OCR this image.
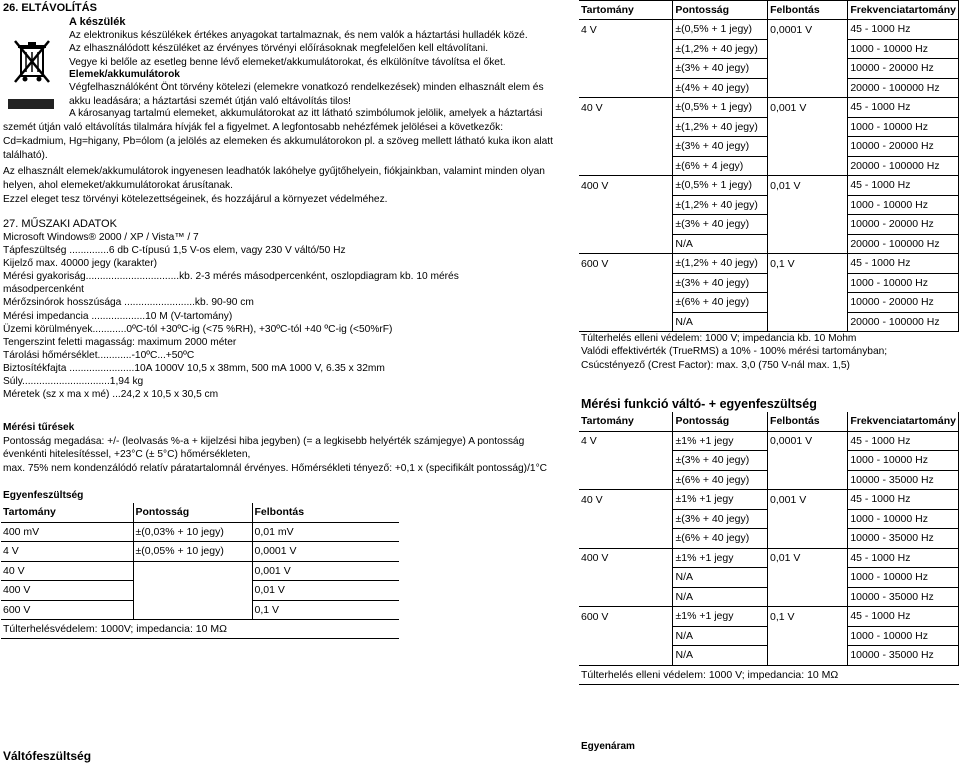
26. ELTÁVOLÍTÁS
A készülék
Az elektronikus készülékek értékes anyagokat tartalmaznak, és nem valók a háztartási hulladék közé.
Az elhasználódott készüléket az érvényes törvényi előírásoknak megfelelően kell eltávolítani.
Vegye ki belőle az esetleg benne lévő elemeket/akkumulátorokat, és elkülönítve távolítsa el őket.
Elemek/akkumulátorok
Végfelhasználóként Önt törvény kötelezi (elemekre vonatkozó rendelkezések) minden elhasznált elem és
akku leadására; a háztartási szemét útján való eltávolítás tilos!
A károsanyag tartalmú elemeket, akkumulátorokat az itt látható szimbólumok jelölik, amelyek a háztartási
szemét útján való eltávolítás tilalmára hívják fel a figyelmet. A legfontosabb nehézfémek jelölései a következők:
Cd=kadmium, Hg=higany, Pb=ólom (a jelölés az elemeken és akkumulátorokon pl. a szöveg mellett látható kuka ikon alatt
található).
Az elhasznált elemek/akkumulátorok ingyenesen leadhatók lakóhelye gyűjtőhelyein, fiókjainkban, valamint minden olyan
helyen, ahol elemeket/akkumulátorokat árusítanak.
Ezzel eleget tesz törvényi kötelezettségeinek, és hozzájárul a környezet védelméhez.
27. MŰSZAKI ADATOK
Microsoft Windows® 2000 / XP / Vista™ / 7
Tápfeszültség ..............6 db C-típusú 1,5 V-os elem, vagy 230 V váltó/50 Hz
Kijelző max. 40000 jegy (karakter)
Mérési gyakoriság.................................kb. 2-3 mérés másodpercenként, oszlopdiagram kb. 10 mérés
másodpercenként
Mérőzsinórok hosszúsága .........................kb. 90-90 cm
Mérési impedancia ...................10 M (V-tartomány)
Üzemi körülmények............0ºC-tól +30ºC-ig (<75 %RH), +30ºC-tól +40 ºC-ig (<50%rF)
Tengerszint feletti magasság: maximum 2000 méter
Tárolási hőmérséklet............-10ºC...+50ºC
Biztosítékfajta .......................10A 1000V 10,5 x 38mm, 500 mA 1000 V, 6.35 x 32mm
Súly...............................1,94 kg
Méretek (sz x ma x mé) ...24,2 x 10,5 x 30,5 cm
Mérési tűrések
Pontosság megadása: +/- (leolvasás %-a + kijelzési hiba jegyben) (= a legkisebb helyérték számjegye) A pontosság
évenkénti hitelesítéssel, +23°C (± 5°C) hőmérsékleten,
max. 75% nem kondenzálódó relatív páratartalomnál érvényes. Hőmérsékleti tényező: +0,1 x (specifikált pontosság)/1°C
Egyenfeszültség
Tartomány	Pontosság	Felbontás
400 mV	±(0,03% + 10 jegy)	0,01 mV
4 V	±(0,05% + 10 jegy)	0,0001 V
40 V		0,001 V
400 V		0,01 V
600 V		0,1 V
Túlterhelésvédelem: 1000V; impedancia: 10 MΩ		
Váltófeszültség
Tartomány	Pontosság	Felbontás	Frekvenciatartomány
4 V	±(0,5% + 1 jegy)	0,0001 V	45 - 1000 Hz
	±(1,2% + 40 jegy)		1000 - 10000 Hz
	±(3% + 40 jegy)		10000 - 20000 Hz
	±(4% + 40 jegy)		20000 - 100000 Hz
40 V	±(0,5% + 1 jegy)	0,001 V	45 - 1000 Hz
	±(1,2% + 40 jegy)		1000 - 10000 Hz
	±(3% + 40 jegy)		10000 - 20000 Hz
	±(6% + 4 jegy)		20000 - 100000 Hz
400 V	±(0,5% + 1 jegy)	0,01 V	45 - 1000 Hz
	±(1,2% + 40 jegy)		1000 - 10000 Hz
	±(3% + 40 jegy)		10000 - 20000 Hz
	N/A		20000 - 100000 Hz
600 V	±(1,2% + 40 jegy)	0,1 V	45 - 1000 Hz
	±(3% + 40 jegy)		1000 - 10000 Hz
	±(6% + 40 jegy)		10000 - 20000 Hz
	N/A		20000 - 100000 Hz
Túlterhelés elleni védelem: 1000 V; impedancia kb. 10 Mohm
Valódi effektivérték (TrueRMS) a 10% - 100% mérési tartományban;
Csúcstényező (Crest Factor): max. 3,0 (750 V-nál max. 1,5)
Mérési funkció váltó- + egyenfeszültség
Tartomány	Pontosság	Felbontás	Frekvenciatartomány
4 V	±1% +1 jegy	0,0001 V	45 - 1000 Hz
	±(3% + 40 jegy)		1000 - 10000 Hz
	±(6% + 40 jegy)		10000 - 35000 Hz
40 V	±1% +1 jegy	0,001 V	45 - 1000 Hz
	±(3% + 40 jegy)		1000 - 10000 Hz
	±(6% + 40 jegy)		10000 - 35000 Hz
400 V	±1% +1 jegy	0,01 V	45 - 1000 Hz
	N/A		1000 - 10000 Hz
	N/A		10000 - 35000 Hz
600 V	±1% +1 jegy	0,1 V	45 - 1000 Hz
	N/A		1000 - 10000 Hz
	N/A		10000 - 35000 Hz
Túlterhelés elleni védelem: 1000 V; impedancia: 10 MΩ			
Egyenáram
